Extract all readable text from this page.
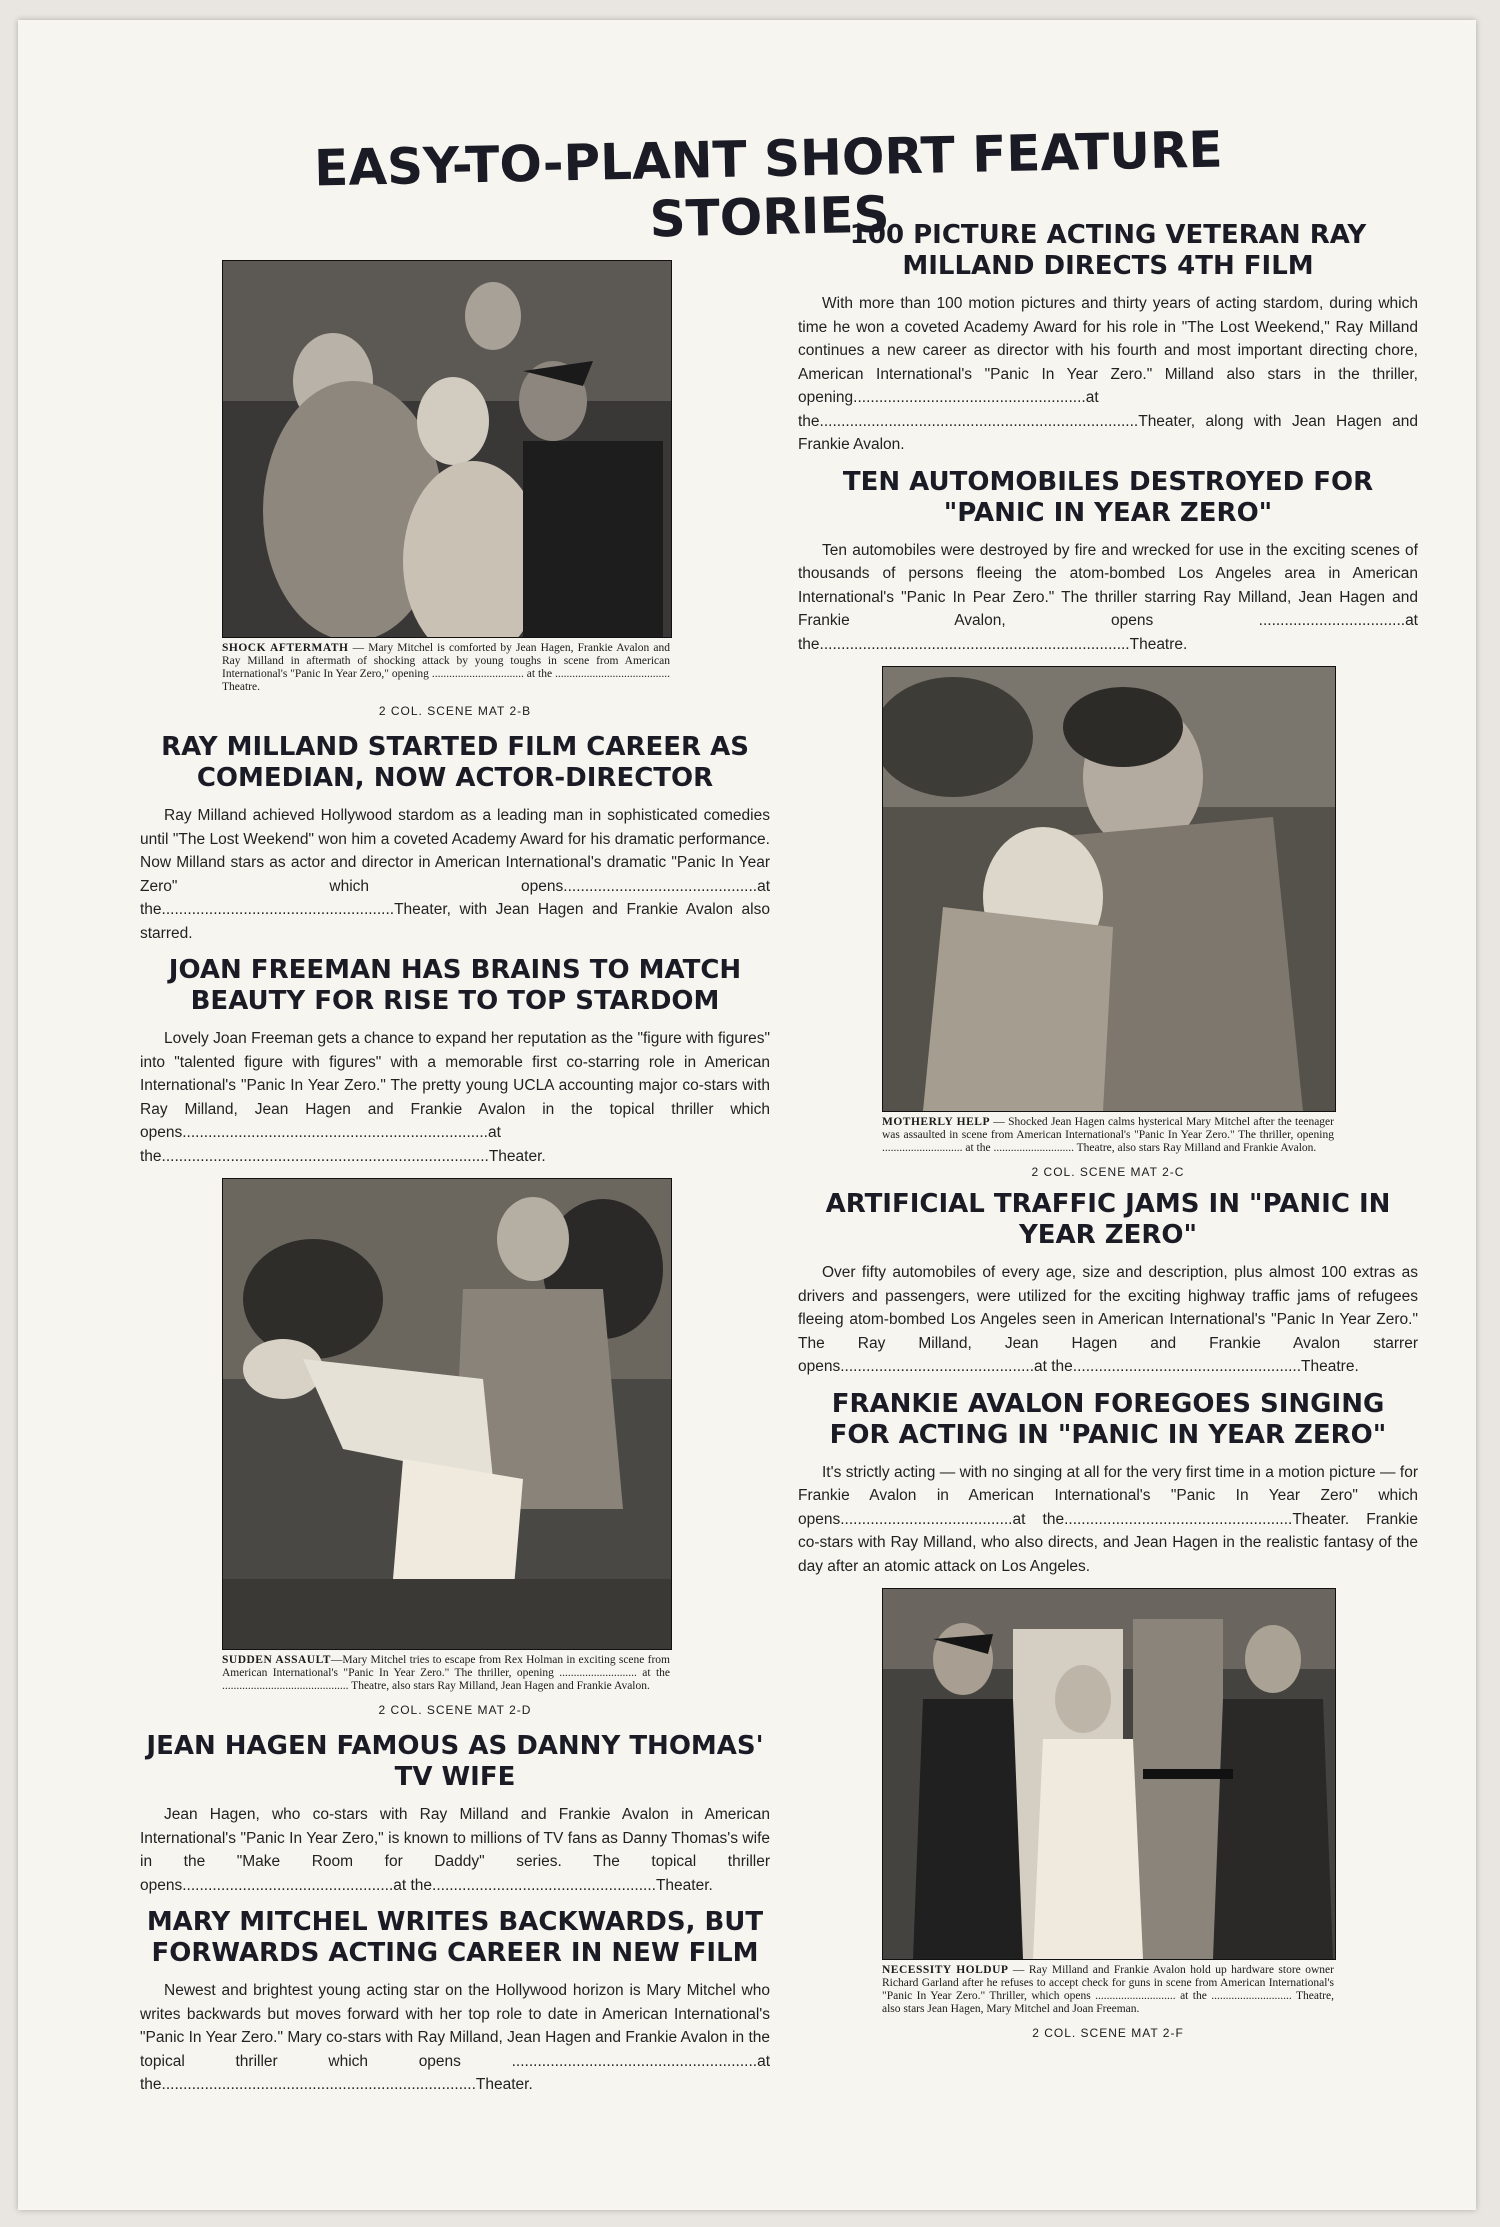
EASY-TO-PLANT SHORT FEATURE STORIES
SHOCK AFTERMATH — Mary Mitchel is comforted by Jean Hagen, Frankie Avalon and Ray Milland in aftermath of shocking attack by young toughs in scene from American International's "Panic In Year Zero," opening ................................ at the ........................................ Theatre.
2 COL. SCENE MAT 2-B
RAY MILLAND STARTED FILM CAREER AS COMEDIAN, NOW ACTOR-DIRECTOR

Ray Milland achieved Hollywood stardom as a leading man in sophisticated comedies until "The Lost Weekend" won him a coveted Academy Award for his dramatic performance. Now Milland stars as actor and director in American International's dramatic "Panic In Year Zero" which opens.............................................at the......................................................Theater, with Jean Hagen and Frankie Avalon also starred.

JOAN FREEMAN HAS BRAINS TO MATCH BEAUTY FOR RISE TO TOP STARDOM

Lovely Joan Freeman gets a chance to expand her reputation as the "figure with figures" into "talented figure with figures" with a memorable first co-starring role in American International's "Panic In Year Zero." The pretty young UCLA accounting major co-stars with Ray Milland, Jean Hagen and Frankie Avalon in the topical thriller which opens.......................................................................at the............................................................................Theater.

SUDDEN ASSAULT—Mary Mitchel tries to escape from Rex Holman in exciting scene from American International's "Panic In Year Zero." The thriller, opening ........................... at the ............................................ Theatre, also stars Ray Milland, Jean Hagen and Frankie Avalon.
2 COL. SCENE MAT 2-D
JEAN HAGEN FAMOUS AS DANNY THOMAS' TV WIFE

Jean Hagen, who co-stars with Ray Milland and Frankie Avalon in American International's "Panic In Year Zero," is known to millions of TV fans as Danny Thomas's wife in the "Make Room for Daddy" series. The topical thriller opens.................................................at the....................................................Theater.

MARY MITCHEL WRITES BACKWARDS, BUT FORWARDS ACTING CAREER IN NEW FILM

Newest and brightest young acting star on the Hollywood horizon is Mary Mitchel who writes backwards but moves forward with her top role to date in American International's "Panic In Year Zero." Mary co-stars with Ray Milland, Jean Hagen and Frankie Avalon in the topical thriller which opens .........................................................at the.........................................................................Theater.

100 PICTURE ACTING VETERAN RAY MILLAND DIRECTS 4TH FILM

With more than 100 motion pictures and thirty years of acting stardom, during which time he won a coveted Academy Award for his role in "The Lost Weekend," Ray Milland continues a new career as director with his fourth and most important directing chore, American International's "Panic In Year Zero." Milland also stars in the thriller, opening......................................................at the..........................................................................Theater, along with Jean Hagen and Frankie Avalon.

TEN AUTOMOBILES DESTROYED FOR "PANIC IN YEAR ZERO"

Ten automobiles were destroyed by fire and wrecked for use in the exciting scenes of thousands of persons fleeing the atom-bombed Los Angeles area in American International's "Panic In Pear Zero." The thriller starring Ray Milland, Jean Hagen and Frankie Avalon, opens ..................................at the........................................................................Theatre.

MOTHERLY HELP — Shocked Jean Hagen calms hysterical Mary Mitchel after the teenager was assaulted in scene from American International's "Panic In Year Zero." The thriller, opening ............................ at the ............................ Theatre, also stars Ray Milland and Frankie Avalon.
2 COL. SCENE MAT 2-C
ARTIFICIAL TRAFFIC JAMS IN "PANIC IN YEAR ZERO"

Over fifty automobiles of every age, size and description, plus almost 100 extras as drivers and passengers, were utilized for the exciting highway traffic jams of refugees fleeing atom-bombed Los Angeles seen in American International's "Panic In Year Zero." The Ray Milland, Jean Hagen and Frankie Avalon starrer opens.............................................at the.....................................................Theatre.

FRANKIE AVALON FOREGOES SINGING FOR ACTING IN "PANIC IN YEAR ZERO"

It's strictly acting — with no singing at all for the very first time in a motion picture — for Frankie Avalon in American International's "Panic In Year Zero" which opens........................................at the.....................................................Theater. Frankie co-stars with Ray Milland, who also directs, and Jean Hagen in the realistic fantasy of the day after an atomic attack on Los Angeles.

NECESSITY HOLDUP — Ray Milland and Frankie Avalon hold up hardware store owner Richard Garland after he refuses to accept check for guns in scene from American International's "Panic In Year Zero." Thriller, which opens ............................ at the ............................ Theatre, also stars Jean Hagen, Mary Mitchel and Joan Freeman.
2 COL. SCENE MAT 2-F
